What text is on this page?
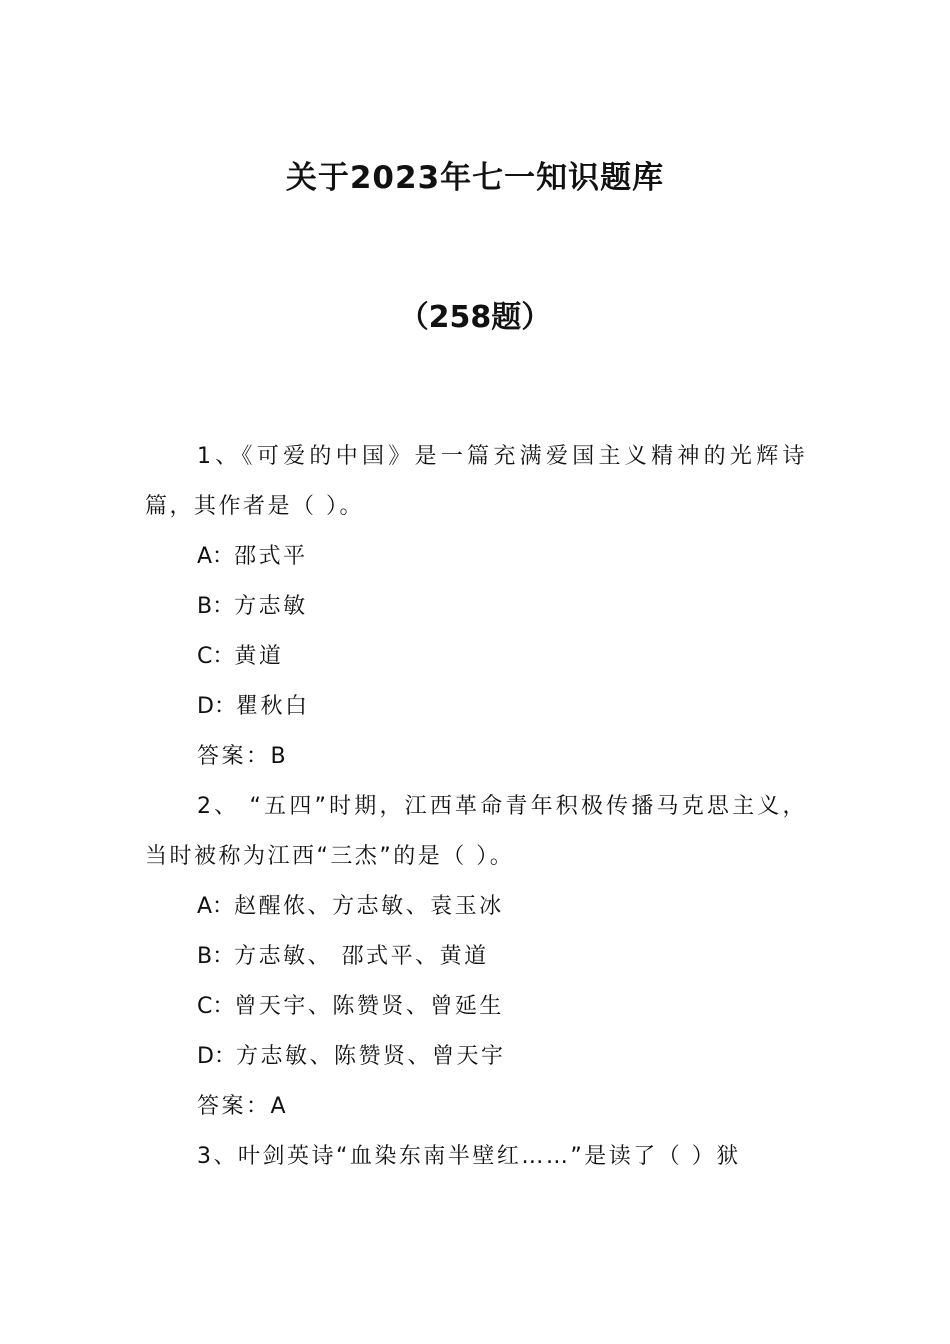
关于2023年七一知识题库
（258题）

1、《可爱的中国》是一篇充满爱国主义精神的光辉诗篇，其作者是（ ）。

A：邵式平

B：方志敏

C：黄道

D：瞿秋白

答案：B

2、 “五四”时期，江西革命青年积极传播马克思主义，当时被称为江西“三杰”的是（ ）。

A：赵醒侬、方志敏、袁玉冰

B：方志敏、 邵式平、黄道

C：曾天宇、陈赞贤、曾延生

D：方志敏、陈赞贤、曾天宇

答案：A

3、叶剑英诗“血染东南半壁红……”是读了（ ）狱
